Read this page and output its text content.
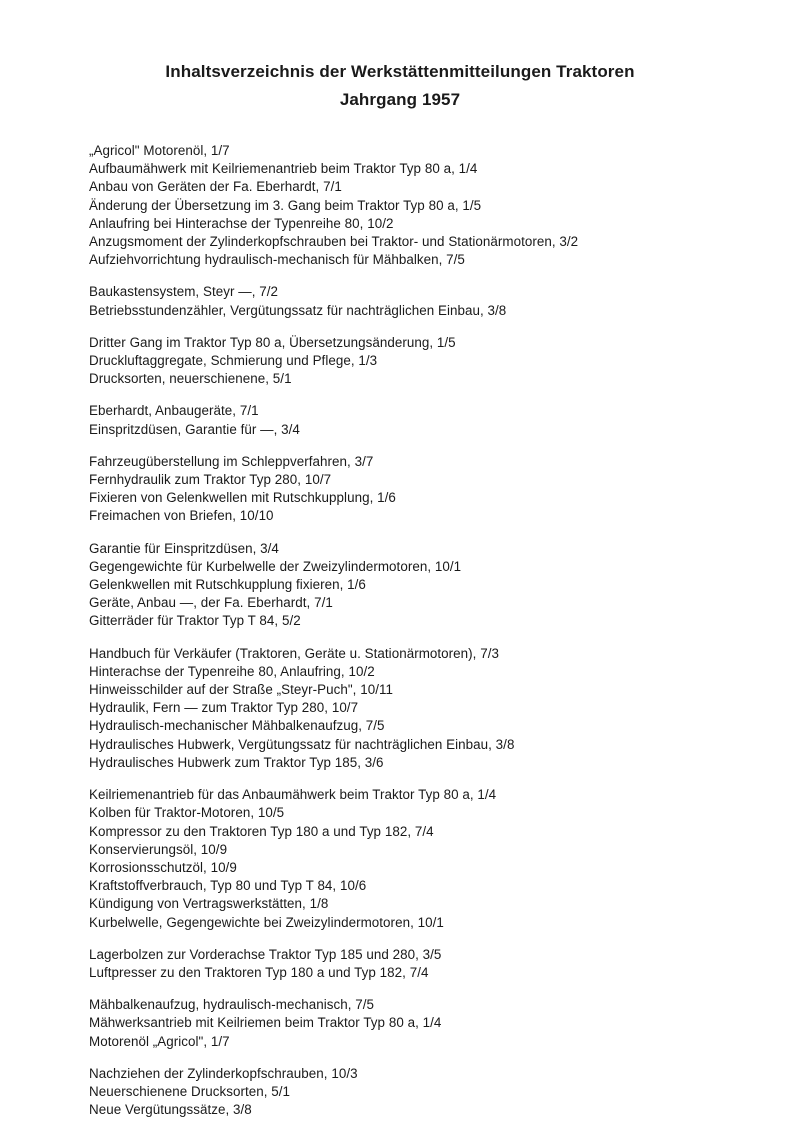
Inhaltsverzeichnis der Werkstättenmitteilungen Traktoren
Jahrgang 1957
„Agricol" Motorenöl, 1/7
Aufbaumähwerk mit Keilriemenantrieb beim Traktor Typ 80 a, 1/4
Anbau von Geräten der Fa. Eberhardt, 7/1
Änderung der Übersetzung im 3. Gang beim Traktor Typ 80 a, 1/5
Anlaufring bei Hinterachse der Typenreihe 80, 10/2
Anzugsmoment der Zylinderkopfschrauben bei Traktor- und Stationärmotoren, 3/2
Aufziehvorrichtung hydraulisch-mechanisch für Mähbalken, 7/5
Baukastensystem, Steyr —, 7/2
Betriebsstundenzähler, Vergütungssatz für nachträglichen Einbau, 3/8
Dritter Gang im Traktor Typ 80 a, Übersetzungsänderung, 1/5
Druckluftaggregate, Schmierung und Pflege, 1/3
Drucksorten, neuerschienene, 5/1
Eberhardt, Anbaugeräte, 7/1
Einspritzdüsen, Garantie für —, 3/4
Fahrzeugüberstellung im Schleppverfahren, 3/7
Fernhydraulik zum Traktor Typ 280, 10/7
Fixieren von Gelenkwellen mit Rutschkupplung, 1/6
Freimachen von Briefen, 10/10
Garantie für Einspritzdüsen, 3/4
Gegengewichte für Kurbelwelle der Zweizylindermotoren, 10/1
Gelenkwellen mit Rutschkupplung fixieren, 1/6
Geräte, Anbau —, der Fa. Eberhardt, 7/1
Gitterräder für Traktor Typ T 84, 5/2
Handbuch für Verkäufer (Traktoren, Geräte u. Stationärmotoren), 7/3
Hinterachse der Typenreihe 80, Anlaufring, 10/2
Hinweisschilder auf der Straße „Steyr-Puch", 10/11
Hydraulik, Fern — zum Traktor Typ 280, 10/7
Hydraulisch-mechanischer Mähbalkenaufzug, 7/5
Hydraulisches Hubwerk, Vergütungssatz für nachträglichen Einbau, 3/8
Hydraulisches Hubwerk zum Traktor Typ 185, 3/6
Keilriemenantrieb für das Anbaumähwerk beim Traktor Typ 80 a, 1/4
Kolben für Traktor-Motoren, 10/5
Kompressor zu den Traktoren Typ 180 a und Typ 182, 7/4
Konservierungsöl, 10/9
Korrosionsschutzöl, 10/9
Kraftstoffverbrauch, Typ 80 und Typ T 84, 10/6
Kündigung von Vertragswerkstätten, 1/8
Kurbelwelle, Gegengewichte bei Zweizylindermotoren, 10/1
Lagerbolzen zur Vorderachse Traktor Typ 185 und 280, 3/5
Luftpresser zu den Traktoren Typ 180 a und Typ 182, 7/4
Mähbalkenaufzug, hydraulisch-mechanisch, 7/5
Mähwerksantrieb mit Keilriemen beim Traktor Typ 80 a, 1/4
Motorenöl „Agricol", 1/7
Nachziehen der Zylinderkopfschrauben, 10/3
Neuerschienene Drucksorten, 5/1
Neue Vergütungssätze, 3/8
